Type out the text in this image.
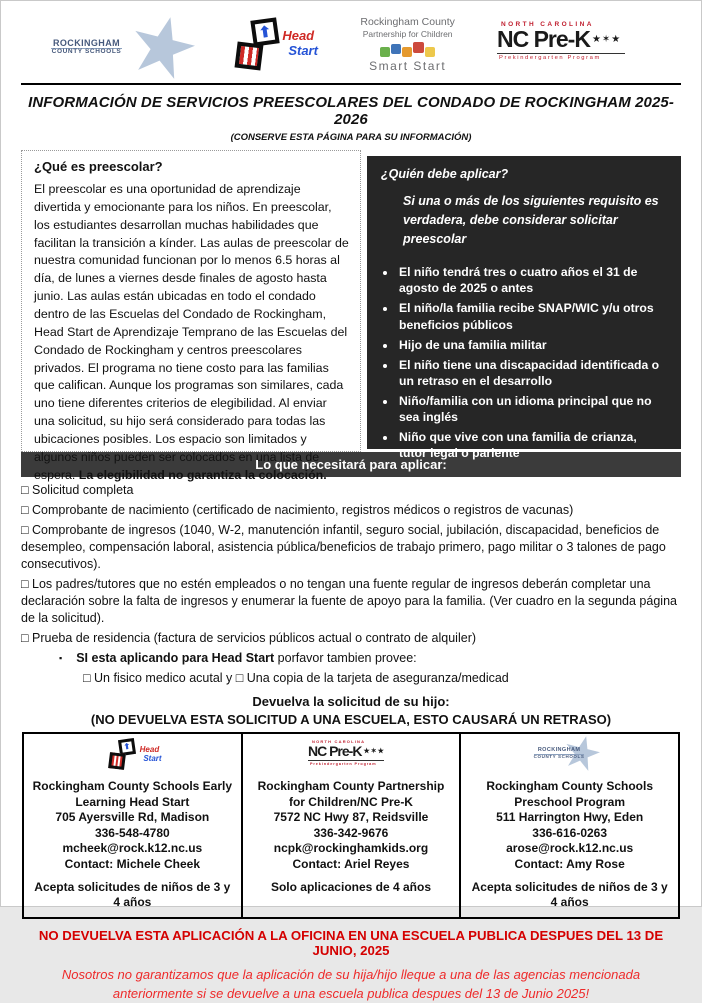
ROCKINGHAM
COUNTY SCHOOLS
⬆ Head
Start
Rockingham County
Partnership for Children
Smart Start
NORTH CAROLINA
NC Pre-K ★✶★
Prekindergarten Program
INFORMACIÓN DE SERVICIOS PREESCOLARES DEL CONDADO DE ROCKINGHAM 2025-2026
(CONSERVE ESTA PÁGINA PARA SU INFORMACIÓN)
¿Qué es preescolar?
El preescolar es una oportunidad de aprendizaje divertida y emocionante para los niños. En preescolar, los estudiantes desarrollan muchas habilidades que facilitan la transición a kínder. Las aulas de preescolar de nuestra comunidad funcionan por lo menos 6.5 horas al día, de lunes a viernes desde finales de agosto hasta junio. Las aulas están ubicadas en todo el condado dentro de las Escuelas del Condado de Rockingham, Head Start de Aprendizaje Temprano de las Escuelas del Condado de Rockingham y centros preescolares privados. El programa no tiene costo para las familias que califican. Aunque los programas son similares, cada uno tiene diferentes criterios de elegibilidad. Al enviar una solicitud, su hijo será considerado para todas las ubicaciones posibles. Los espacio son limitados y algunos niños pueden ser colocados en una lista de espera. La elegibilidad no garantiza la colocación.
¿Quién debe aplicar?
Si una o más de los siguientes requisito es verdadera, debe considerar solicitar preescolar
• El niño tendrá tres o cuatro años el 31 de agosto de 2025 o antes
• El niño/la familia recibe SNAP/WIC y/u otros beneficios públicos
• Hijo de una familia militar
• El niño tiene una discapacidad identificada o un retraso en el desarrollo
• Niño/familia con un idioma principal que no sea inglés
• Niño que vive con una familia de crianza, tutor legal o pariente
Lo que necesitará para aplicar:

□ Solicitud completa

□ Comprobante de nacimiento (certificado de nacimiento, registros médicos o registros de vacunas)

□ Comprobante de ingresos (1040, W-2, manutención infantil, seguro social, jubilación, discapacidad, beneficios de desempleo, compensación laboral, asistencia pública/beneficios de trabajo primero, pago militar o 3 talones de pago consecutivos).

□ Los padres/tutores que no estén empleados o no tengan una fuente regular de ingresos deberán completar una declaración sobre la falta de ingresos y enumerar la fuente de apoyo para la familia. (Ver cuadro en la segunda página de la solicitud).

□ Prueba de residencia (factura de servicios públicos actual o contrato de alquiler)

▪ SI esta aplicando para Head Start porfavor tambien provee:

□ Un fisico medico acutal y □ Una copia de la tarjeta de aseguranza/medicad

Devuelva la solicitud de su hijo:
(NO DEVUELVA ESTA SOLICITUD A UNA ESCUELA, ESTO CAUSARÁ UN RETRASO)
⬆ Head
Start
Rockingham County Schools Early Learning Head Start
705 Ayersville Rd, Madison
336-548-4780
mcheek@rock.k12.nc.us
Contact: Michele Cheek
Acepta solicitudes de niños de 3 y 4 años

NORTH CAROLINA
NC Pre-K ★✶★
Prekindergarten Program
Rockingham County Partnership for Children/NC Pre-K
7572 NC Hwy 87, Reidsville
336-342-9676
ncpk@rockinghamkids.org
Contact: Ariel Reyes
Solo aplicaciones de 4 años

ROCKINGHAM
COUNTY SCHOOLS
Rockingham County Schools Preschool Program
511 Harrington Hwy, Eden
336-616-0263
arose@rock.k12.nc.us
Contact: Amy Rose
Acepta solicitudes de niños de 3 y 4 años
NO DEVUELVA ESTA APLICACIÓN A LA OFICINA EN UNA ESCUELA PUBLICA DESPUES DEL 13 DE JUNIO, 2025
Nosotros no garantizamos que la aplicación de su hija/hijo lleque a una de las agencias mencionada anteriormente si se devuelve a una escuela publica despues del 13 de Junio 2025!
